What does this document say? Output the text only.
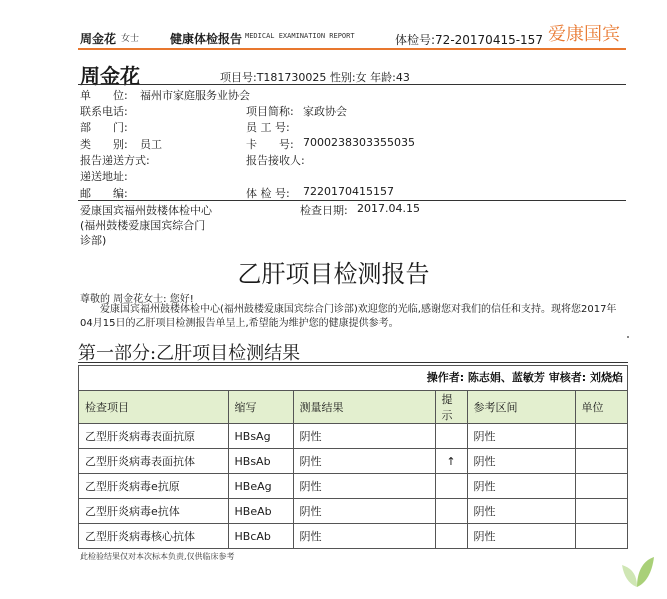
周金花 女士	健康体检报告 MEDICAL EXAMINATION REPORT	体检号:72-20170415-157 爱康国宾
周金花	项目号:T181730025 性别:女 年龄:43
单　　位: 福州市家庭服务业协会
联系电话:	项目简称: 家政协会
部　　门:	员 工 号:
类　　别: 员工	卡　　号: 7000238303355035
报告递送方式:	报告接收人:
递送地址:
邮　　编:	体 检 号: 7220170415157
爱康国宾福州鼓楼体检中心
(福州鼓楼爱康国宾综合门
诊部)
检查日期: 2017.04.15
乙肝项目检测报告
尊敬的 周金花女士: 您好!
爱康国宾福州鼓楼体检中心(福州鼓楼爱康国宾综合门诊部)欢迎您的光临,感谢您对我们的信任和支持。现将您2017年04月15日的乙肝项目检测报告单呈上,希望能为维护您的健康提供参考。
第一部分:乙肝项目检测结果
操作者: 陈志娟、蓝敏芳 审核者: 刘烧焰
检查项目	缩写	测量结果	提示	参考区间	单位
乙型肝炎病毒表面抗原	HBsAg	阴性		阴性	
乙型肝炎病毒表面抗体	HBsAb	阴性	↑	阴性	
乙型肝炎病毒e抗原	HBeAg	阴性		阴性	
乙型肝炎病毒e抗体	HBeAb	阴性		阴性	
乙型肝炎病毒核心抗体	HBcAb	阴性		阴性	
此检验结果仅对本次标本负责,仅供临床参考
